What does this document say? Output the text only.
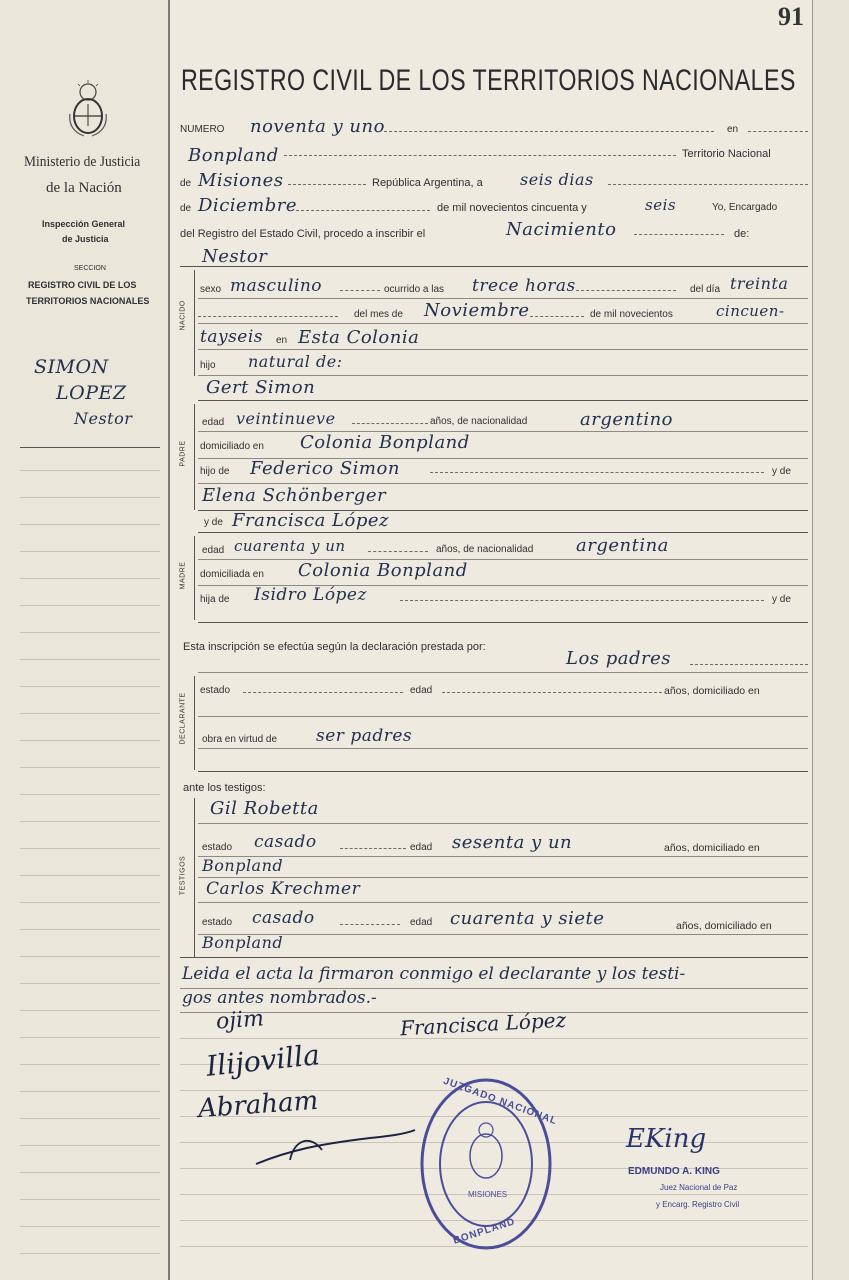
Ministerio de Justicia
de la Nación
Inspección General
de Justicia
SECCION
REGISTRO CIVIL DE LOS
TERRITORIOS NACIONALES
SIMON
LOPEZ
Nestor
91
REGISTRO CIVIL DE LOS TERRITORIOS NACIONALES
NUMERO noventa y uno	en
Bonpland	Territorio Nacional
de Misiones	República Argentina, a seis dias
de Diciembre	de mil novecientos cincuenta y	seis	Yo, Encargado
del Registro del Estado Civil, procedo a inscribir el	Nacimiento	de:
Nestor
NACIDO
sexo masculino	ocurrido a las trece horas	del día treinta
del mes de Noviembre	de mil novecientos	cincuen-
tayseis en Esta Colonia
hijo natural de:
Gert Simon
PADRE
edad veintinueve	años, de nacionalidad	argentino
domiciliado en Colonia Bonpland
hijo de Federico Simon	y de
Elena Schönberger
y de Francisca López
MADRE
edad cuarenta y un	años, de nacionalidad argentina
domiciliada en Colonia Bonpland
hija de Isidro López	y de
Esta inscripción se efectúa según la declaración prestada por:
Los padres
DECLARANTE
estado	edad	años, domiciliado en
obra en virtud de ser padres
ante los testigos:
TESTIGOS
Gil Robetta
estado casado	edad sesenta y un	años, domiciliado en
Bonpland
Carlos Krechmer
estado casado	edad cuarenta y siete	años, domiciliado en
Bonpland
Leida el acta la firmaron conmigo el declarante y los testi-
gos antes nombrados.-
ojim	Francisca López
Ilijovilla
Abraham	JUZGADO NACIONAL
MISIONES
BONPLAND
EKing
EDMUNDO A. KING
Juez Nacional de Paz
y Encarg. Registro Civil
